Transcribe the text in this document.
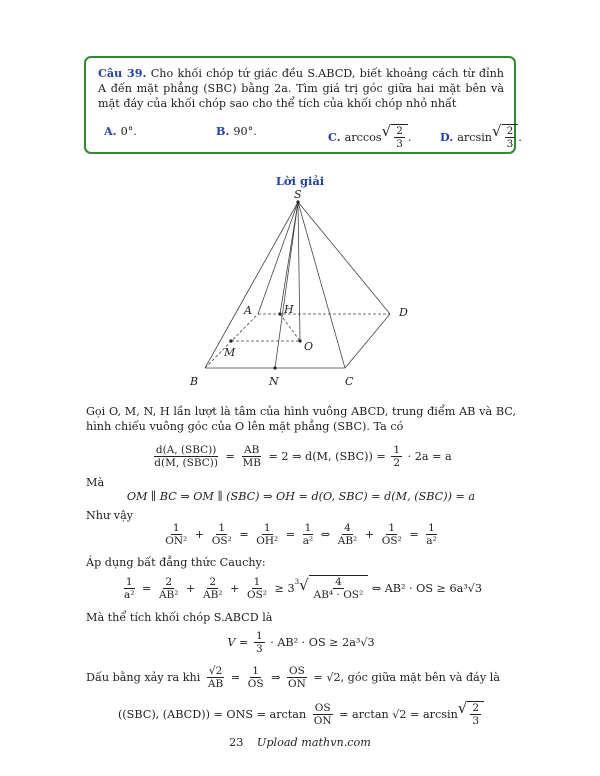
Câu 39. Cho khối chóp tứ giác đều S.ABCD, biết khoảng cách từ đỉnh A đến mặt phẳng (SBC) bằng 2a. Tìm giá trị góc giữa hai mặt bên và mặt đáy của khối chóp sao cho thể tích của khối chóp nhỏ nhất
A. 0°.	B. 90°.	C. arccos √ $\frac{2}{3}$ .	D. arcsin √ $\frac{2}{3}$ .
Lời giải
S
A	H	D
M	O
B	N	C
Gọi O, M, N, H lần lượt là tâm của hình vuông ABCD, trung điểm AB và BC, hình chiếu vuông góc của O lên mặt phẳng (SBC). Ta có
$\frac{\text{d(A, (SBC))}}{\text{d(M, (SBC))}} = \frac{AB}{MB}$
= 2 ⇒ d(M, (SBC)) =
$\frac{1}{2}$
· 2a = a
Mà
OM ∥ BC ⇒ OM ∥ (SBC) ⇒ OH = d(O, SBC) = d(M, (SBC)) = a
Như vậy
$\frac{1}{\text{ON²}} + \frac{1}{\text{OS²}} = \frac{1}{\text{OH²}} = \frac{1}{\text{a²}}$ ⇔ $\frac{4}{\text{AB²}} + \frac{1}{\text{OS²}} = \frac{1}{\text{a²}}$
Áp dụng bất đẳng thức Cauchy:
$\frac{1}{\text{a²}} = \frac{2}{\text{AB²}} + \frac{2}{\text{AB²}} + \frac{1}{\text{OS²}} \ge 3$ $^3√ \frac{4}{\text{AB⁴ · OS²}}$
⇔ AB² · OS ≥ 6a³√3
Mà thể tích khối chóp S.ABCD là
V =
$\frac{1}{3}$
· AB² · OS ≥ 2a³√3
Dấu bằng xảy ra khi
$\frac{√2}{AB} = \frac{1}{OS}$ ⇒ $\frac{OS}{ON}$
= √2, góc giữa mặt bên và đáy là
((SBC), (ABCD)) = ONS = arctan
$\frac{OS}{ON}$
= arctan √2 = arcsin √ $\frac{2}{3}$
23 Upload mathvn.com
